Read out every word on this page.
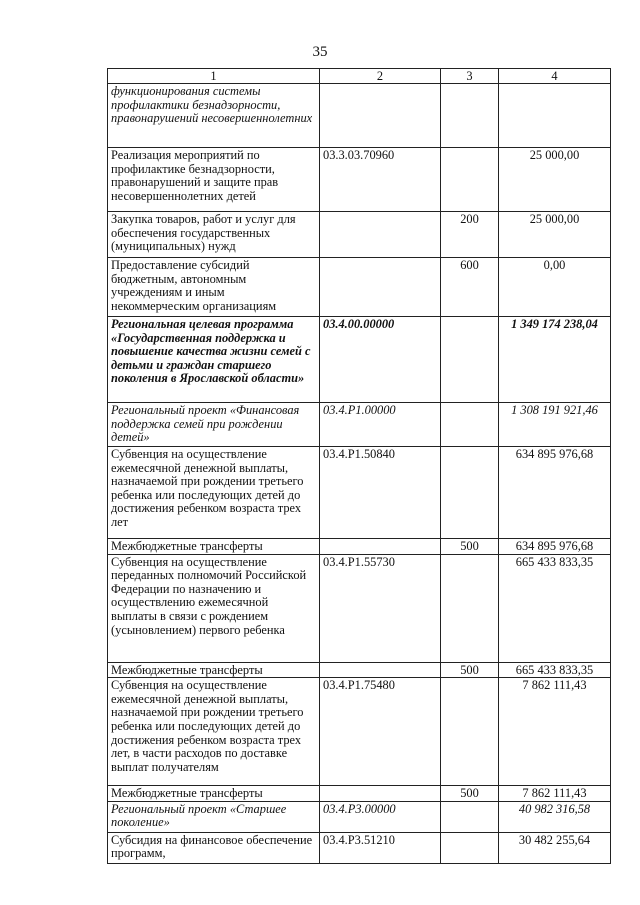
35
1	2	3	4
функционирования системы профилактики безнадзорности, правонарушений несовершеннолетних			
Реализация мероприятий по профилактике безнадзорности, правонарушений и защите прав несовершеннолетних детей	03.3.03.70960		25 000,00
Закупка товаров, работ и услуг для обеспечения государственных (муниципальных) нужд		200	25 000,00
Предоставление субсидий бюджетным, автономным учреждениям и иным некоммерческим организациям		600	0,00
Региональная целевая программа «Государственная поддержка и повышение качества жизни семей с детьми и граждан старшего поколения в Ярославской области»	03.4.00.00000		1 349 174 238,04
Региональный проект «Финансовая поддержка семей при рождении детей»	03.4.P1.00000		1 308 191 921,46
Субвенция на осуществление ежемесячной денежной выплаты, назначаемой при рождении третьего ребенка или последующих детей до достижения ребенком возраста трех лет	03.4.P1.50840		634 895 976,68
Межбюджетные трансферты		500	634 895 976,68
Субвенция на осуществление переданных полномочий Российской Федерации по назначению и осуществлению ежемесячной выплаты в связи с рождением (усыновлением) первого ребенка	03.4.P1.55730		665 433 833,35
Межбюджетные трансферты		500	665 433 833,35
Субвенция на осуществление ежемесячной денежной выплаты, назначаемой при рождении третьего ребенка или последующих детей до достижения ребенком возраста трех лет, в части расходов по доставке выплат получателям	03.4.P1.75480		7 862 111,43
Межбюджетные трансферты		500	7 862 111,43
Региональный проект «Старшее поколение»	03.4.P3.00000		40 982 316,58
Субсидия на финансовое обеспечение программ,	03.4.P3.51210		30 482 255,64
